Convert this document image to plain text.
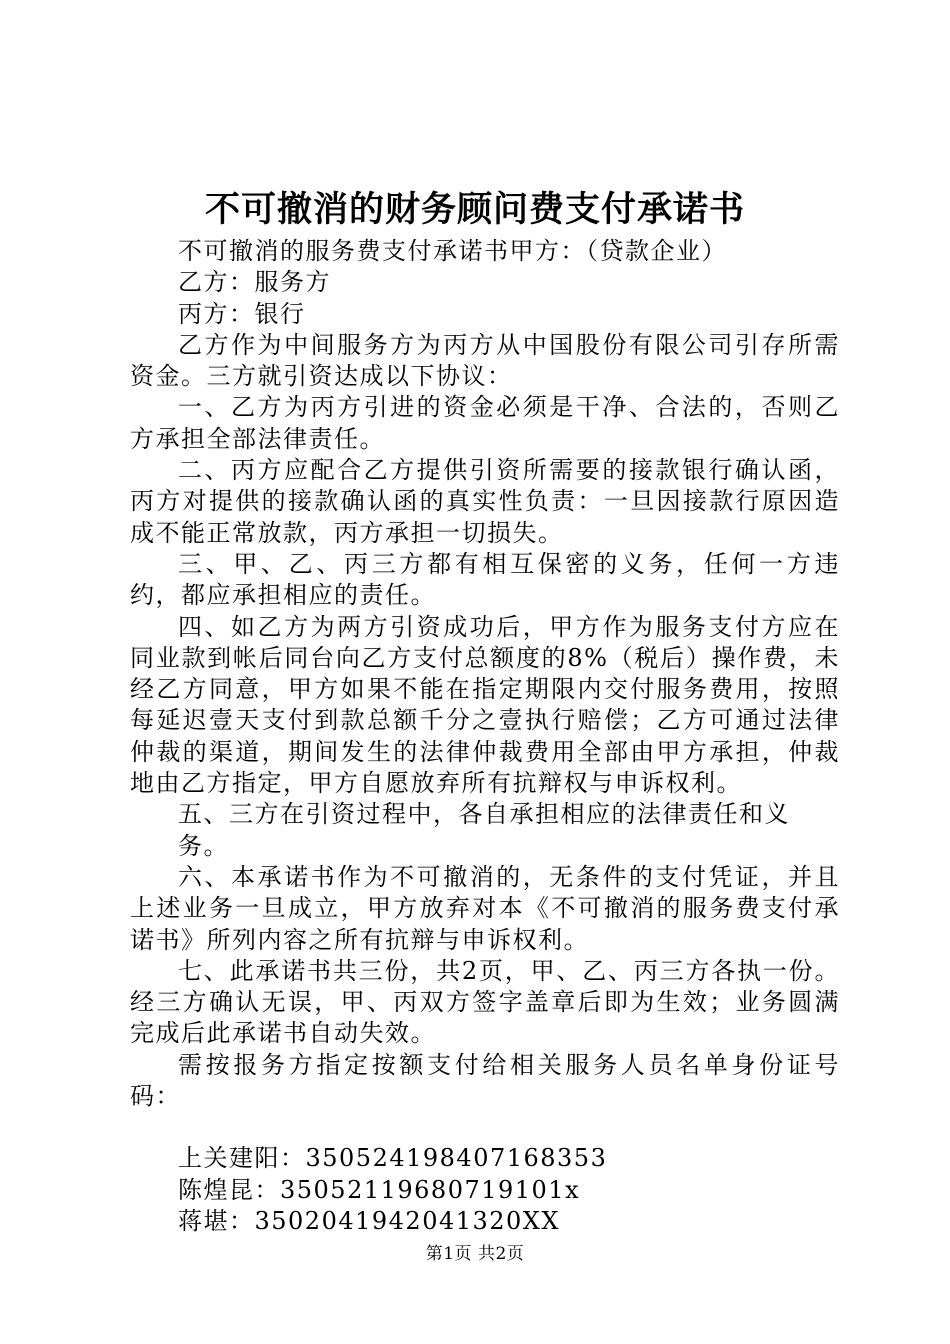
不可撤消的财务顾问费支付承诺书

不可撤消的服务费支付承诺书甲方：（贷款企业）

乙方：服务方

丙方：银行

乙方作为中间服务方为丙方从中国股份有限公司引存所需资金。三方就引资达成以下协议：

一、乙方为丙方引进的资金必须是干净、合法的，否则乙方承担全部法律责任。

二、丙方应配合乙方提供引资所需要的接款银行确认函，丙方对提供的接款确认函的真实性负责：一旦因接款行原因造成不能正常放款，丙方承担一切损失。

三、甲、乙、丙三方都有相互保密的义务，任何一方违约，都应承担相应的责任。

四、如乙方为两方引资成功后，甲方作为服务支付方应在同业款到帐后同台向乙方支付总额度的8%（税后）操作费，未经乙方同意，甲方如果不能在指定期限内交付服务费用，按照每延迟壹天支付到款总额千分之壹执行赔偿；乙方可通过法律仲裁的渠道，期间发生的法律仲裁费用全部由甲方承担，仲裁地由乙方指定，甲方自愿放弃所有抗辩权与申诉权利。

五、三方在引资过程中，各自承担相应的法律责任和义

务。

六、本承诺书作为不可撤消的，无条件的支付凭证，并且上述业务一旦成立，甲方放弃对本《不可撤消的服务费支付承诺书》所列内容之所有抗辩与申诉权利。

七、此承诺书共三份，共2页，甲、乙、丙三方各执一份。经三方确认无误，甲、丙双方签字盖章后即为生效；业务圆满完成后此承诺书自动失效。

需按报务方指定按额支付给相关服务人员名单身份证号码：

上关建阳：350524198407168353

陈煌昆：35052119680719101x

蒋堪：3502041942041320XX

第1页 共2页
